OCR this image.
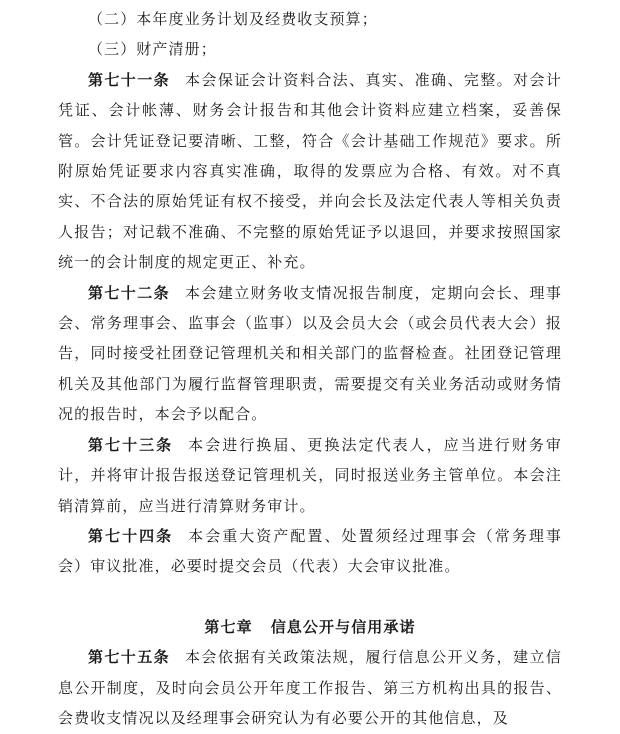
（二）本年度业务计划及经费收支预算；

（三）财产清册；

第七十一条 本会保证会计资料合法、真实、准确、完整。对会计凭证、会计帐薄、财务会计报告和其他会计资料应建立档案，妥善保管。会计凭证登记要清晰、工整，符合《会计基础工作规范》要求。所附原始凭证要求内容真实准确，取得的发票应为合格、有效。对不真实、不合法的原始凭证有权不接受，并向会长及法定代表人等相关负责人报告；对记载不准确、不完整的原始凭证予以退回，并要求按照国家统一的会计制度的规定更正、补充。

第七十二条 本会建立财务收支情况报告制度，定期向会长、理事会、常务理事会、监事会（监事）以及会员大会（或会员代表大会）报告，同时接受社团登记管理机关和相关部门的监督检查。社团登记管理机关及其他部门为履行监督管理职责，需要提交有关业务活动或财务情况的报告时，本会予以配合。

第七十三条 本会进行换届、更换法定代表人，应当进行财务审计，并将审计报告报送登记管理机关，同时报送业务主管单位。本会注销清算前，应当进行清算财务审计。

第七十四条 本会重大资产配置、处置须经过理事会（常务理事会）审议批准，必要时提交会员（代表）大会审议批准。

第七章 信息公开与信用承诺

第七十五条 本会依据有关政策法规，履行信息公开义务，建立信息公开制度，及时向会员公开年度工作报告、第三方机构出具的报告、会费收支情况以及经理事会研究认为有必要公开的其他信息，及
